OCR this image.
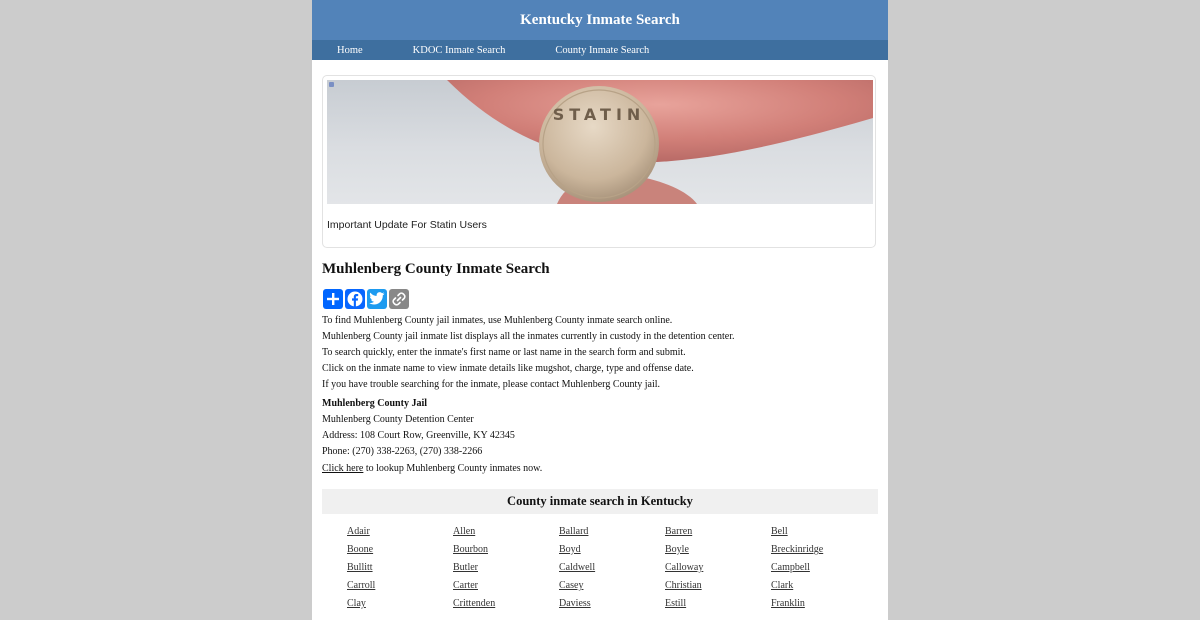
Kentucky Inmate Search
Home	KDOC Inmate Search	County Inmate Search
STATIN
Important Update For Statin Users
Muhlenberg County Inmate Search

To find Muhlenberg County jail inmates, use Muhlenberg County inmate search online.

Muhlenberg County jail inmate list displays all the inmates currently in custody in the detention center.

To search quickly, enter the inmate's first name or last name in the search form and submit.

Click on the inmate name to view inmate details like mugshot, charge, type and offense date.

If you have trouble searching for the inmate, please contact Muhlenberg County jail.

Muhlenberg County Jail

Muhlenberg County Detention Center

Address: 108 Court Row, Greenville, KY 42345

Phone: (270) 338-2263, (270) 338-2266

Click here to lookup Muhlenberg County inmates now.
County inmate search in Kentucky
Adair	Allen	Ballard	Barren	Bell
Boone	Bourbon	Boyd	Boyle	Breckinridge
Bullitt	Butler	Caldwell	Calloway	Campbell
Carroll	Carter	Casey	Christian	Clark
Clay	Crittenden	Daviess	Estill	Franklin
